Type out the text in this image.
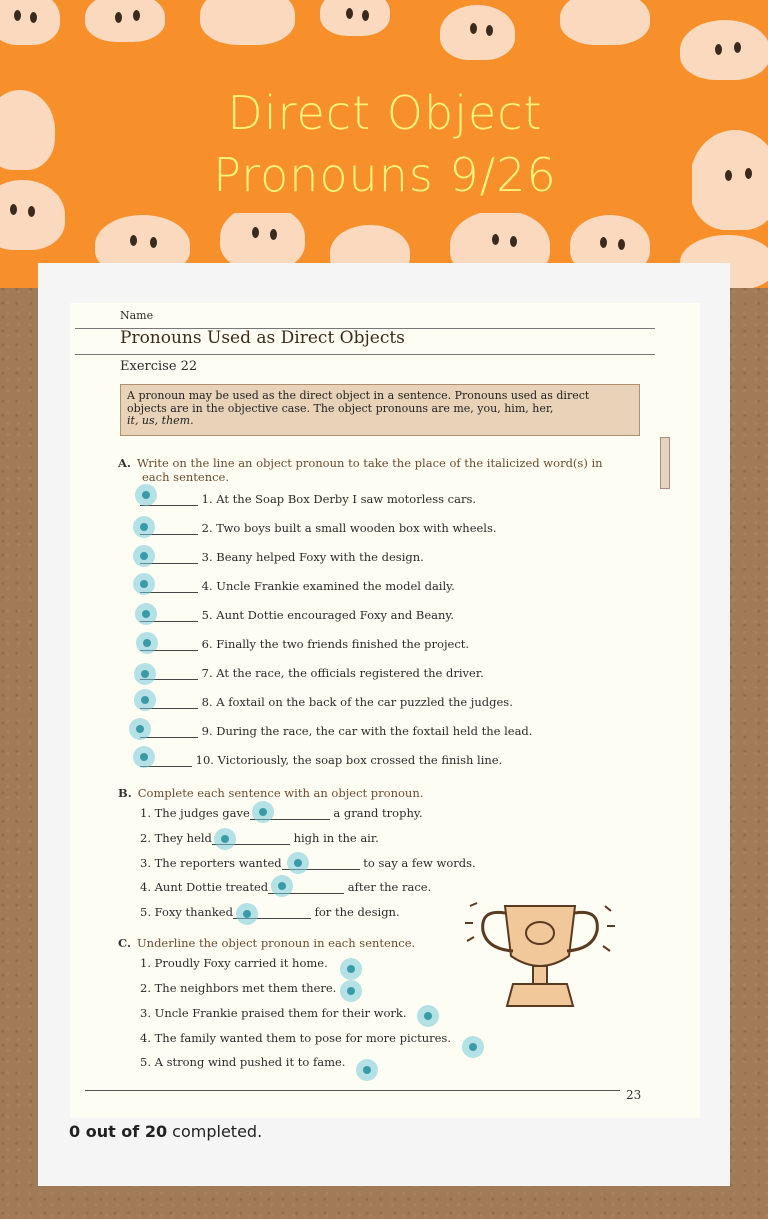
Direct Object
Pronouns 9/26
Name
Pronouns Used as Direct Objects
Exercise 22
A pronoun may be used as the direct object in a sentence. Pronouns used as direct
objects are in the objective case. The object pronouns are me, you, him, her,
it, us, them.
A. Write on the line an object pronoun to take the place of the italicized word(s) in
each sentence.
1. At the Soap Box Derby I saw motorless cars.
2. Two boys built a small wooden box with wheels.
3. Beany helped Foxy with the design.
4. Uncle Frankie examined the model daily.
5. Aunt Dottie encouraged Foxy and Beany.
6. Finally the two friends finished the project.
7. At the race, the officials registered the driver.
8. A foxtail on the back of the car puzzled the judges.
9. During the race, the car with the foxtail held the lead.
10. Victoriously, the soap box crossed the finish line.
B. Complete each sentence with an object pronoun.
1. The judges gave	a grand trophy.
2. They held	high in the air.
3. The reporters wanted	to say a few words.
4. Aunt Dottie treated	after the race.
5. Foxy thanked	for the design.
C. Underline the object pronoun in each sentence.
1. Proudly Foxy carried it home.
2. The neighbors met them there.
3. Uncle Frankie praised them for their work.
4. The family wanted them to pose for more pictures.
5. A strong wind pushed it to fame.
23
0 out of 20 completed.
